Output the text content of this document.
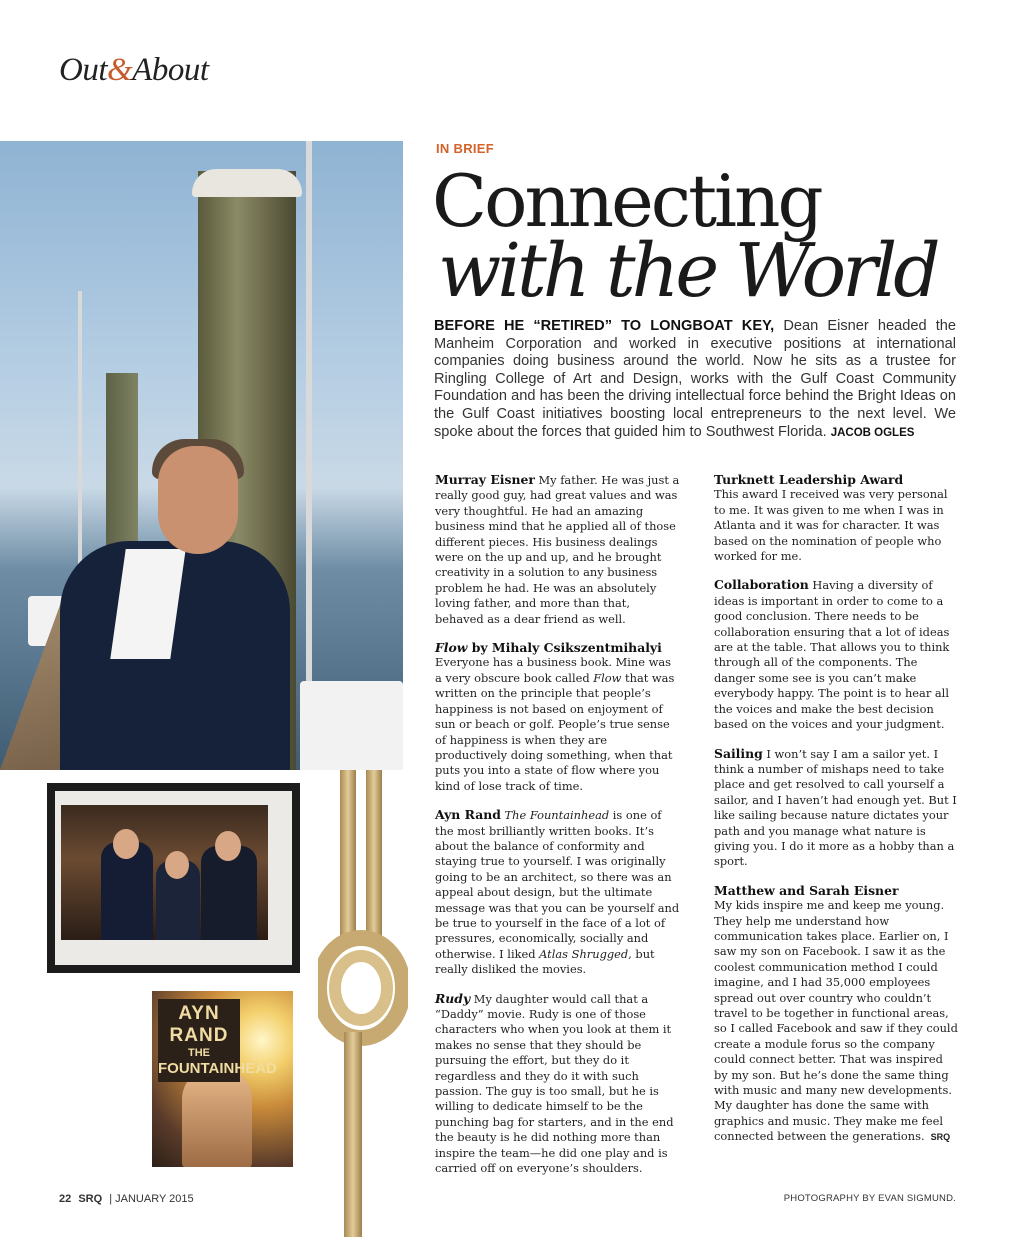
Out&About
AYN RAND
THE
FOUNTAINHEAD
IN BRIEF
Connecting
with the World
BEFORE HE “RETIRED” TO LONGBOAT KEY, Dean Eisner headed the Manheim Corporation and worked in executive positions at international companies doing business around the world. Now he sits as a trustee for Ringling College of Art and Design, works with the Gulf Coast Community Foundation and has been the driving intellectual force behind the Bright Ideas on the Gulf Coast initiatives boosting local entrepreneurs to the next level. We spoke about the forces that guided him to Southwest Florida. JACOB OGLES

Murray Eisner My father. He was just a really good guy, had great values and was very thoughtful. He had an amazing business mind that he applied all of those different pieces. His business dealings were on the up and up, and he brought creativity in a solution to any business problem he had. He was an absolutely loving father, and more than that, behaved as a dear friend as well.

Flow by Mihaly Csikszentmihalyi
Everyone has a business book. Mine was a very obscure book called Flow that was written on the principle that people’s happiness is not based on enjoyment of sun or beach or golf. People’s true sense of happiness is when they are productively doing something, when that puts you into a state of flow where you kind of lose track of time.

Ayn Rand The Fountainhead is one of the most brilliantly written books. It’s about the balance of conformity and staying true to yourself. I was originally going to be an architect, so there was an appeal about design, but the ultimate message was that you can be yourself and be true to yourself in the face of a lot of pressures, economically, socially and otherwise. I liked Atlas Shrugged, but really disliked the movies.

Rudy My daughter would call that a “Daddy” movie. Rudy is one of those characters who when you look at them it makes no sense that they should be pursuing the effort, but they do it regardless and they do it with such passion. The guy is too small, but he is willing to dedicate himself to be the punching bag for starters, and in the end the beauty is he did nothing more than inspire the team—he did one play and is carried off on everyone’s shoulders.

Turknett Leadership Award
This award I received was very personal to me. It was given to me when I was in Atlanta and it was for character. It was based on the nomination of people who worked for me.

Collaboration Having a diversity of ideas is important in order to come to a good conclusion. There needs to be collaboration ensuring that a lot of ideas are at the table. That allows you to think through all of the components. The danger some see is you can’t make everybody happy. The point is to hear all the voices and make the best decision based on the voices and your judgment.

Sailing I won’t say I am a sailor yet. I think a number of mishaps need to take place and get resolved to call yourself a sailor, and I haven’t had enough yet. But I like sailing because nature dictates your path and you manage what nature is giving you. I do it more as a hobby than a sport.

Matthew and Sarah Eisner
My kids inspire me and keep me young. They help me understand how communication takes place. Earlier on, I saw my son on Facebook. I saw it as the coolest communication method I could imagine, and I had 35,000 employees spread out over country who couldn’t travel to be together in functional areas, so I called Facebook and saw if they could create a module forus so the company could connect better. That was inspired by my son. But he’s done the same thing with music and many new developments. My daughter has done the same with graphics and music. They make me feel connected between the generations. SRQ

22 SRQ | JANUARY 2015	PHOTOGRAPHY BY EVAN SIGMUND.
